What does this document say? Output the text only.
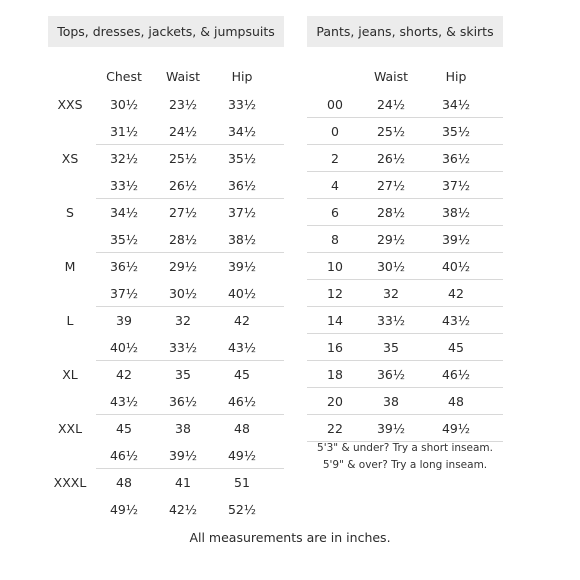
Tops, dresses, jackets, & jumpsuits
Chest Waist	Hip
XXS 30½ 23½ 33½
31½ 24½ 34½
XS	32½ 25½ 35½
33½ 26½ 36½
S	34½ 27½ 37½
35½ 28½ 38½
M	36½ 29½ 39½
37½ 30½ 40½
L	39	32	42
40½ 33½ 43½
XL	42	35	45
43½ 36½ 46½
XXL	45	38	48
46½ 39½ 49½
XXXL 48	41	51
49½ 42½ 52½
Pants, jeans, shorts, & skirts
Waist	Hip
00	24½	34½
0	25½	35½
2	26½	36½
4	27½	37½
6	28½	38½
8	29½	39½
10	30½	40½
12	32	42
14	33½	43½
16	35	45
18	36½	46½
20	38	48
22	39½	49½
5'3" & under? Try a short inseam.
5'9" & over? Try a long inseam.
All measurements are in inches.
